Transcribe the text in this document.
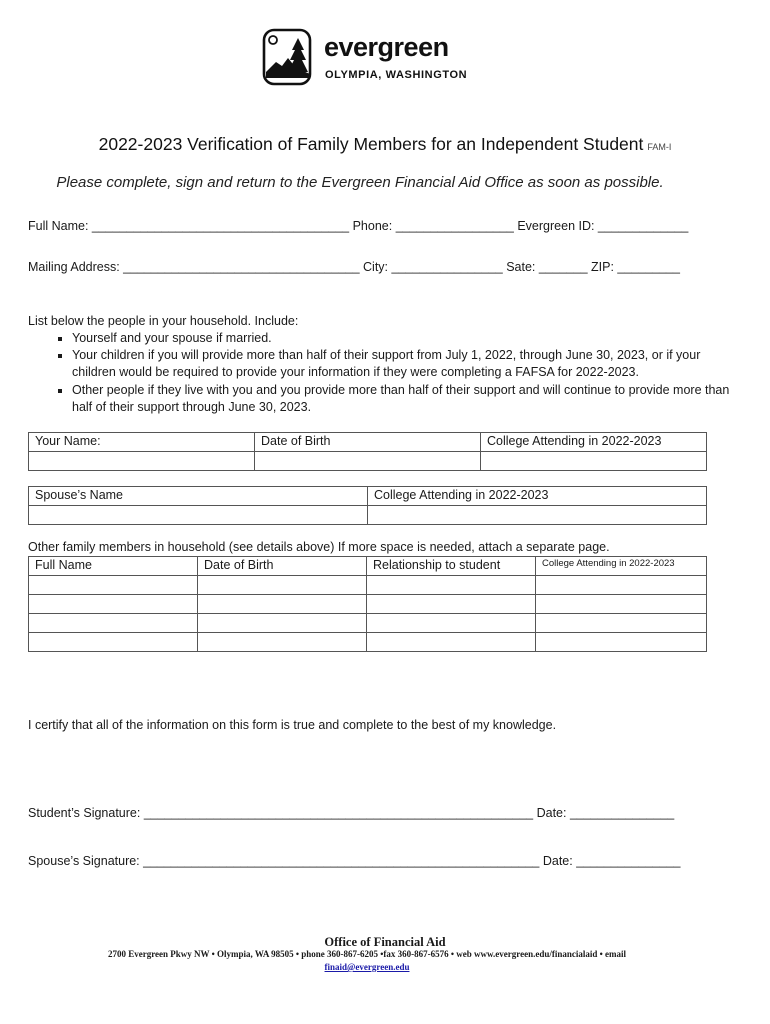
evergreen
OLYMPIA, WASHINGTON
2022-2023 Verification of Family Members for an Independent Student FAM-I
Please complete, sign and return to the Evergreen Financial Aid Office as soon as possible.
Full Name: _____________________________________ Phone: _________________ Evergreen ID: _____________
Mailing Address: __________________________________ City: ________________ Sate: _______ ZIP: _________
List below the people in your household. Include:
▪ Yourself and your spouse if married.
▪ Your children if you will provide more than half of their support from July 1, 2022, through June 30, 2023, or if your children would be required to provide your information if they were completing a FAFSA for 2022-2023.
▪ Other people if they live with you and you provide more than half of their support and will continue to provide more than half of their support through June 30, 2023.
Your Name:	Date of Birth	College Attending in 2022-2023

Spouse’s Name	College Attending in 2022-2023

Other family members in household (see details above) If more space is needed, attach a separate page.
Full Name	Date of Birth	Relationship to student	College Attending in 2022-2023

I certify that all of the information on this form is true and complete to the best of my knowledge.
Student’s Signature: ________________________________________________________ Date: _______________
Spouse’s Signature: _________________________________________________________ Date: _______________
Office of Financial Aid
2700 Evergreen Pkwy NW • Olympia, WA 98505 • phone 360-867-6205 •fax 360-867-6576 • web www.evergreen.edu/financialaid • email
finaid@evergreen.edu
